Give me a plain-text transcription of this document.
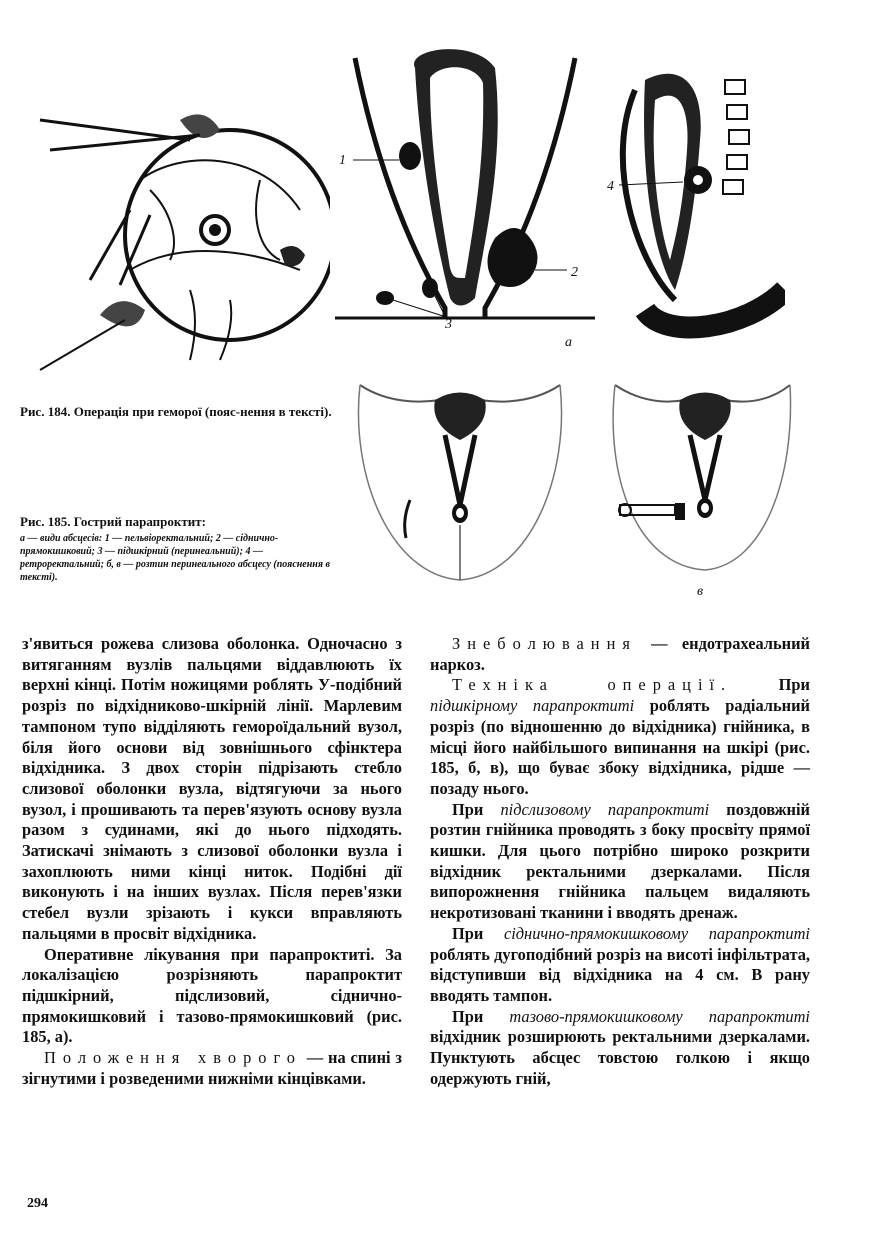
1
2
3
а
4
Рис. 184. Операція при геморої (пояс-нення в тексті).
Рис. 185. Гострий парапроктит:
а — види абсцесів: 1 — пельвіоректальний; 2 — сіднично-прямокишковий; 3 — підшкірний (перинеальний); 4 — ретроректальний; б, в — розтин перинеального абсцесу (пояснення в тексті).
в

з'явиться рожева слизова оболонка. Одночасно з витяганням вузлів пальцями віддавлюють їх верхні кінці. Потім ножицями роблять У-подібний розріз по відхідниково-шкірній лінії. Марлевим тампоном тупо відділяють гемороїдальний вузол, біля його основи від зовнішнього сфінктера відхідника. З двох сторін підрізають стебло слизової оболонки вузла, відтягуючи за нього вузол, і прошивають та перев'язують основу вузла разом з судинами, які до нього підходять. Затискачі знімають з слизової оболонки вузла і захоплюють ними кінці ниток. Подібні дії виконують і на інших вузлах. Після перев'язки стебел вузли зрізають і кукси вправляють пальцями в просвіт відхідника.

Оперативне лікування при парапроктиті. За локалізацією розрізняють парапроктит підшкірний, підслизовий, сіднично-прямокишковий і тазово-прямокишковий (рис. 185, а).

Положення хворого — на спині з зігнутими і розведеними нижніми кінцівками.

Знеболювання — ендотрахеальний наркоз.

Техніка операції. При підшкірному парапроктиті роблять радіальний розріз (по відношенню до відхідника) гнійника, в місці його найбільшого випинання на шкірі (рис. 185, б, в), що буває збоку відхідника, рідше — позаду нього.

При підслизовому парапроктиті поздовжній розтин гнійника проводять з боку просвіту прямої кишки. Для цього потрібно широко розкрити відхідник ректальними дзеркалами. Після випорожнення гнійника пальцем видаляють некротизовані тканини і вводять дренаж.

При сіднично-прямокишковому парапроктиті роблять дугоподібний розріз на висоті інфільтрата, відступивши від відхідника на 4 см. В рану вводять тампон.

При тазово-прямокишковому парапроктиті відхідник розширюють ректальними дзеркалами. Пунктують абсцес товстою голкою і якщо одержують гній,

294
